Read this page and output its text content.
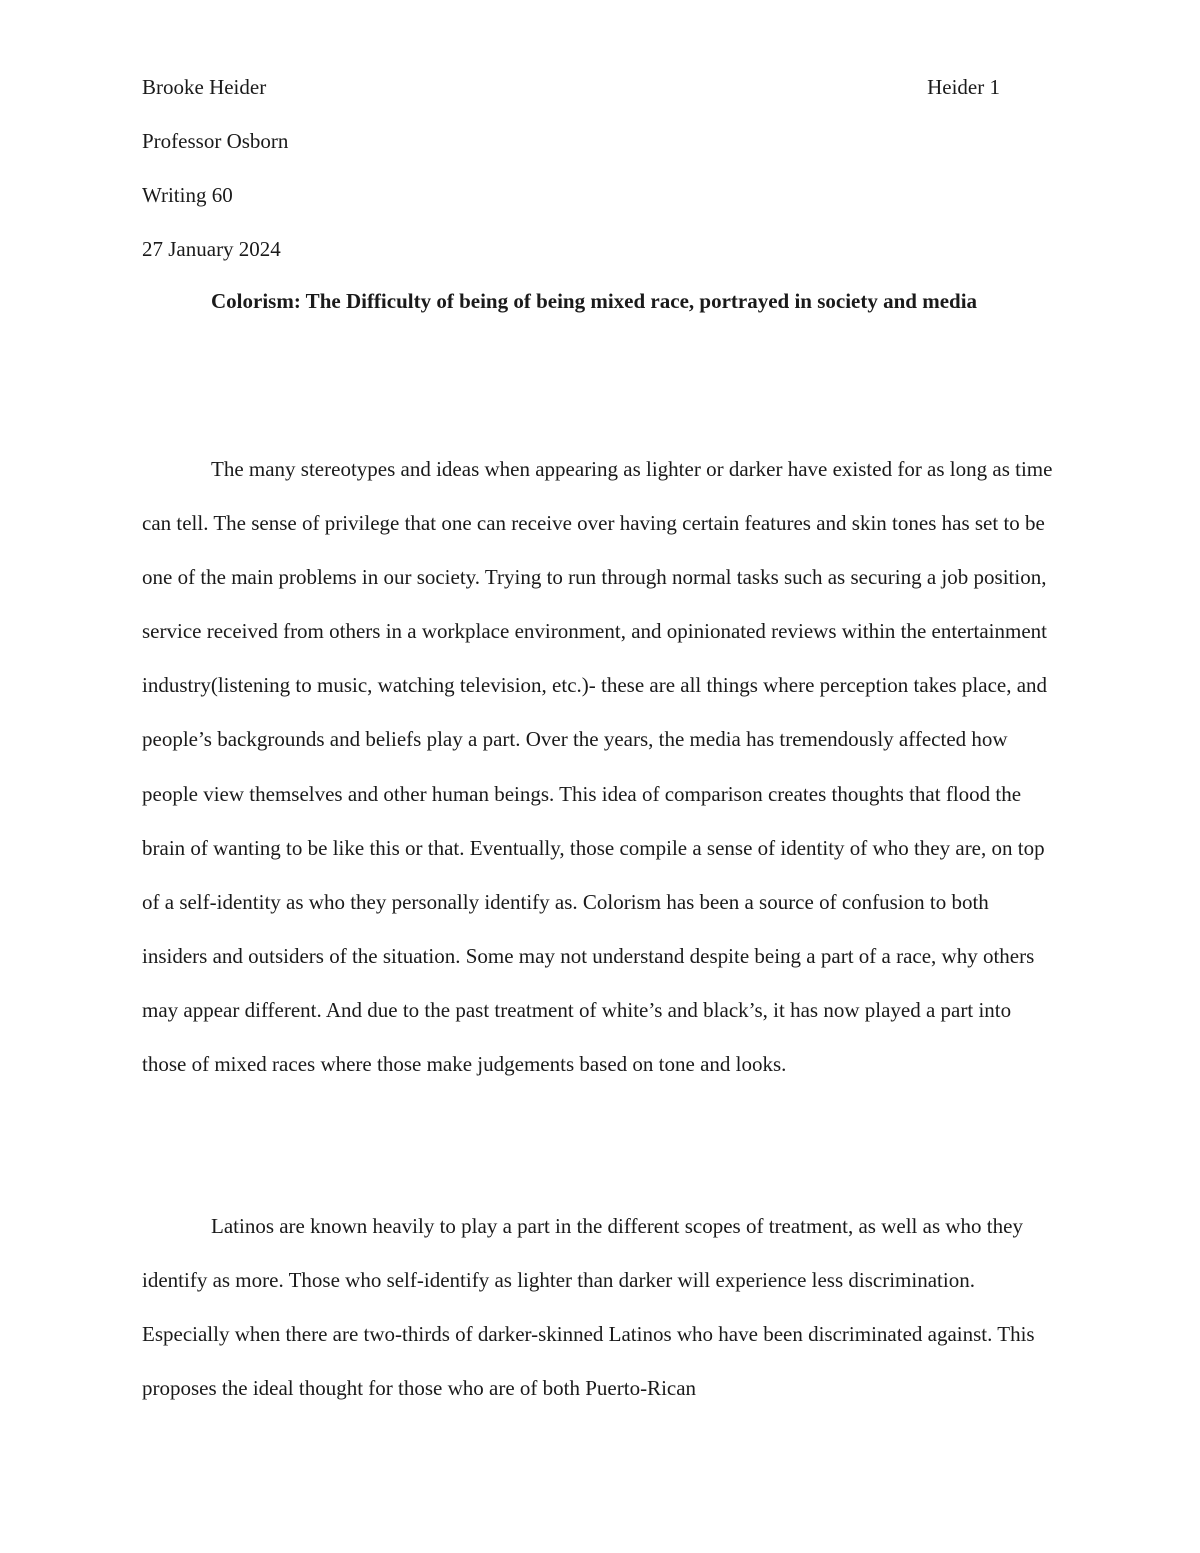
Brooke Heider	Heider 1
Professor Osborn
Writing 60
27 January 2024

Colorism: The Difficulty of being of being mixed race, portrayed in society and media

The many stereotypes and ideas when appearing as lighter or darker have existed for as long as time can tell. The sense of privilege that one can receive over having certain features and skin tones has set to be one of the main problems in our society. Trying to run through normal tasks such as securing a job position, service received from others in a workplace environment, and opinionated reviews within the entertainment industry(listening to music, watching television, etc.)- these are all things where perception takes place, and people’s backgrounds and beliefs play a part. Over the years, the media has tremendously affected how people view themselves and other human beings. This idea of comparison creates thoughts that flood the brain of wanting to be like this or that. Eventually, those compile a sense of identity of who they are, on top of a self-identity as who they personally identify as. Colorism has been a source of confusion to both insiders and outsiders of the situation. Some may not understand despite being a part of a race, why others may appear different. And due to the past treatment of white’s and black’s, it has now played a part into those of mixed races where those make judgements based on tone and looks.

Latinos are known heavily to play a part in the different scopes of treatment, as well as who they identify as more. Those who self-identify as lighter than darker will experience less discrimination. Especially when there are two-thirds of darker-skinned Latinos who have been discriminated against. This proposes the ideal thought for those who are of both Puerto-Rican
